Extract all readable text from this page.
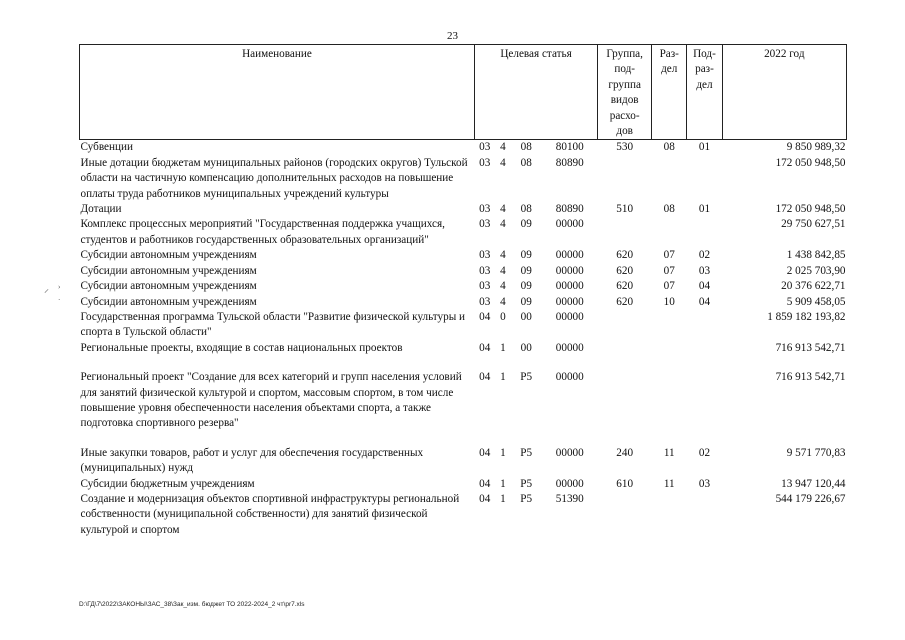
23
⸝ ›
·
Наименование	Целевая статья				Группа, под- группа видов расхо- дов	Раз- дел	Под- раз- дел	2022 год
Субвенции	03	4	08	80100	530	08	01	9 850 989,32
Иные дотации бюджетам муниципальных районов (городских округов) Тульской области на частичную компенсацию дополнительных расходов на повышение оплаты труда работников муниципальных учреждений культуры	03	4	08	80890				172 050 948,50
Дотации	03	4	08	80890	510	08	01	172 050 948,50
Комплекс процессных мероприятий "Государственная поддержка учащихся, студентов и работников государственных образовательных организаций"	03	4	09	00000				29 750 627,51
Субсидии автономным учреждениям	03	4	09	00000	620	07	02	1 438 842,85
Субсидии автономным учреждениям	03	4	09	00000	620	07	03	2 025 703,90
Субсидии автономным учреждениям	03	4	09	00000	620	07	04	20 376 622,71
Субсидии автономным учреждениям	03	4	09	00000	620	10	04	5 909 458,05
Государственная программа Тульской области "Развитие физической культуры и спорта в Тульской области"	04	0	00	00000				1 859 182 193,82
Региональные проекты, входящие в состав национальных проектов	04	1	00	00000				716 913 542,71

Региональный проект "Создание для всех категорий и групп населения условий для занятий физической культурой и спортом, массовым спортом, в том числе повышение уровня обеспеченности населения объектами спорта, а также подготовка спортивного резерва"	04	1	P5	00000				716 913 542,71

Иные закупки товаров, работ и услуг для обеспечения государственных (муниципальных) нужд	04	1	P5	00000	240	11	02	9 571 770,83
Субсидии бюджетным учреждениям	04	1	P5	00000	610	11	03	13 947 120,44
Создание и модернизация объектов спортивной инфраструктуры региональной собственности (муниципальной собственности) для занятий физической культурой и спортом	04	1	P5	51390				544 179 226,67
D:\ГД\7\2022\ЗАКОНЫ\ЗАС_38\Зак_изм. бюджет ТО 2022-2024_2 чт\pr7.xls
